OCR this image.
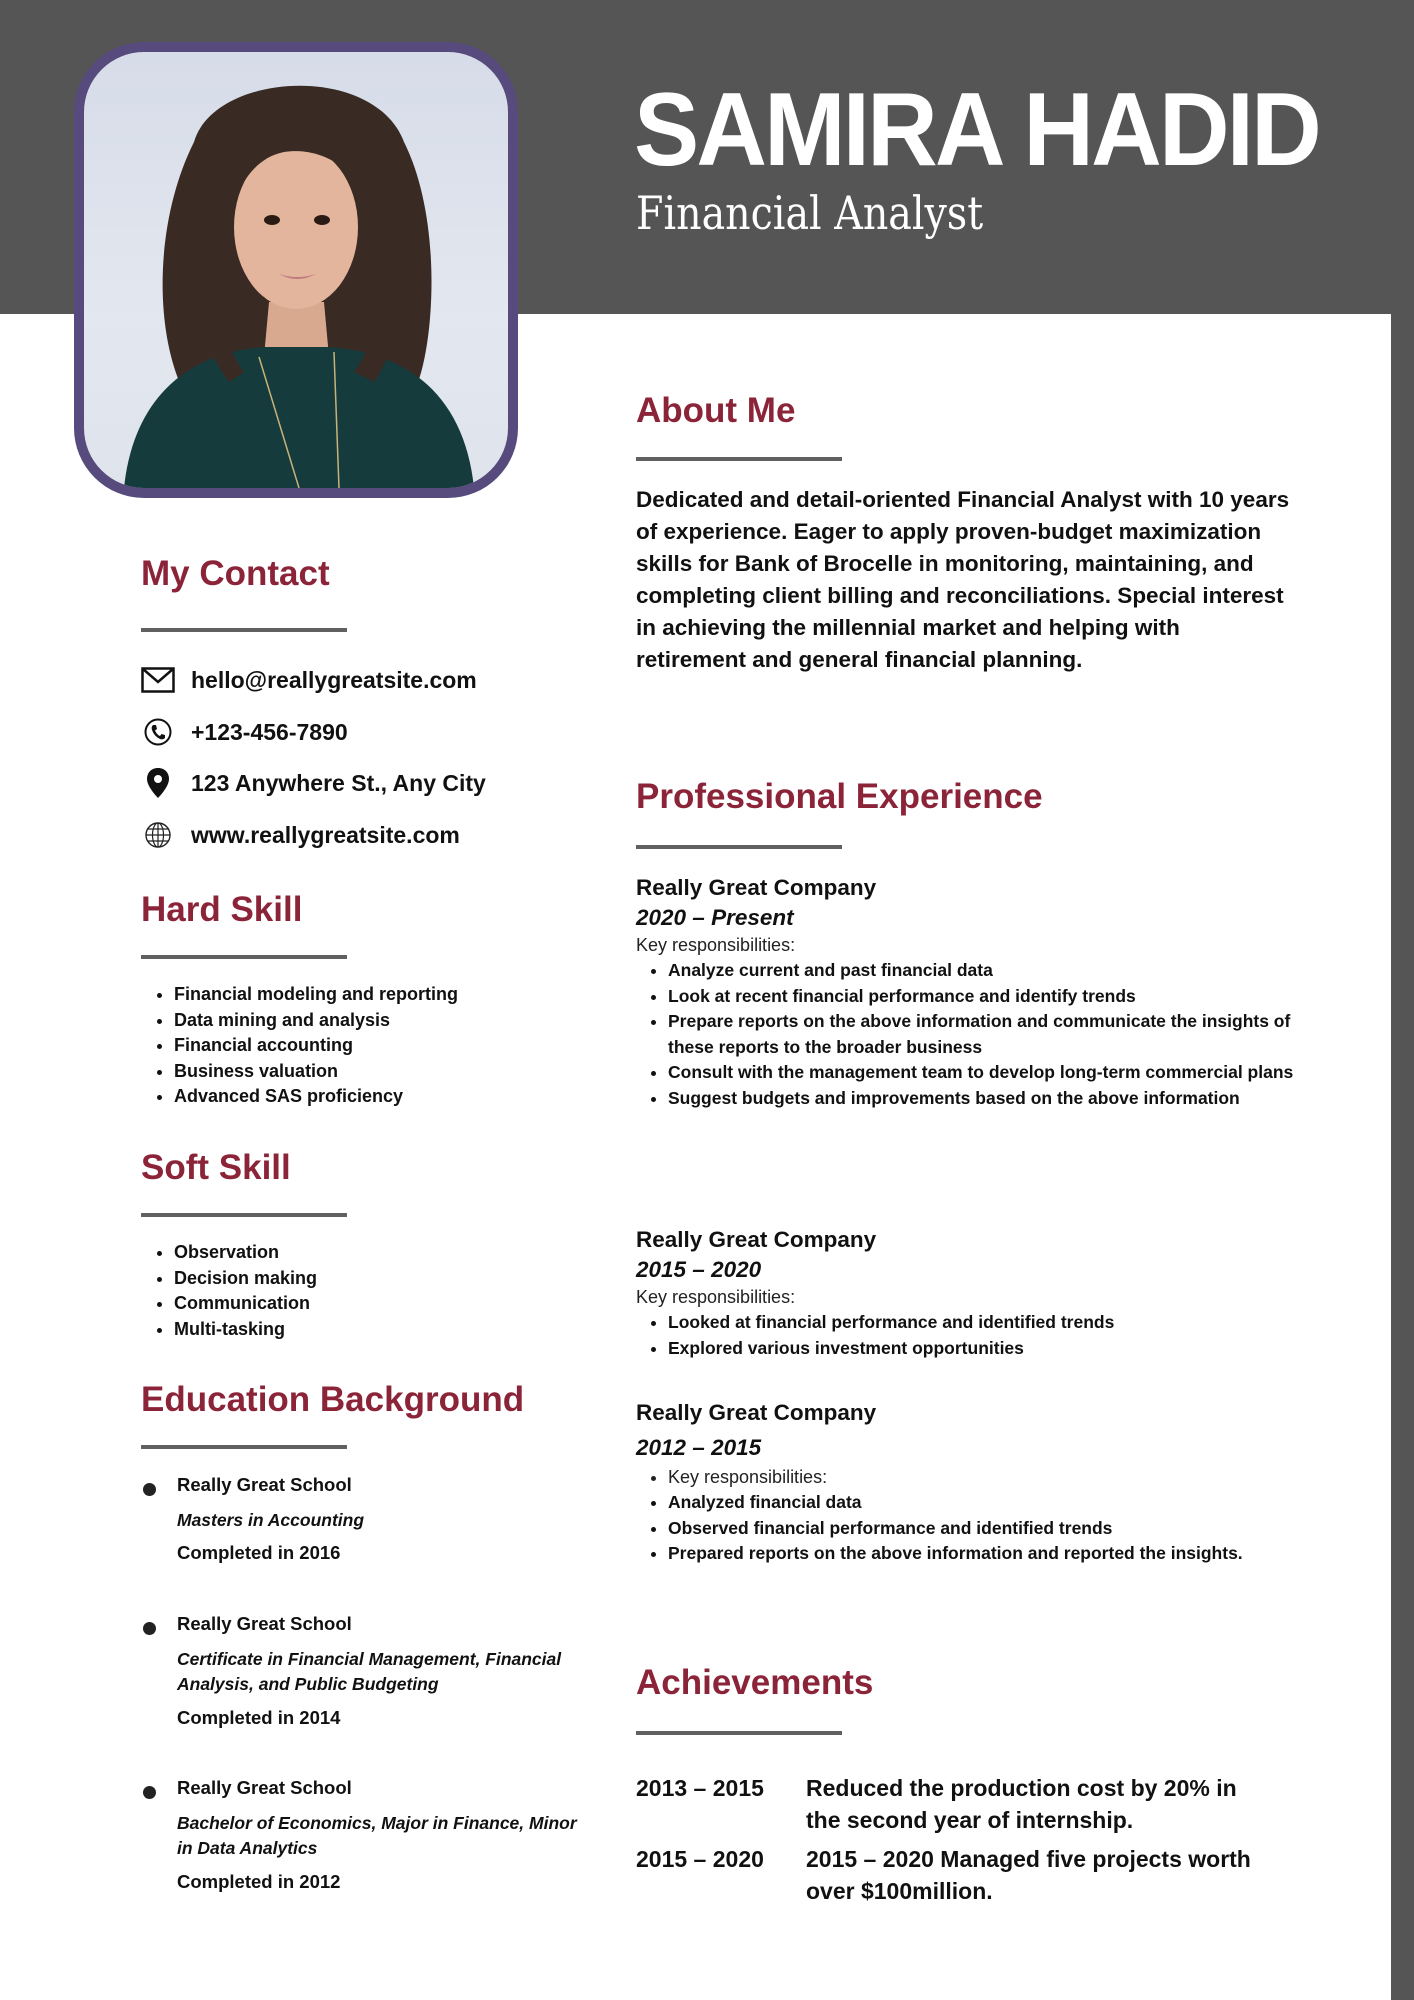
SAMIRA HADID
Financial Analyst
My Contact
hello@reallygreatsite.com
+123-456-7890
123 Anywhere St., Any City
www.reallygreatsite.com
Hard Skill
• Financial modeling and reporting
• Data mining and analysis
• Financial accounting
• Business valuation
• Advanced SAS proficiency
Soft Skill
• Observation
• Decision making
• Communication
• Multi-tasking
Education Background
Really Great School
Masters in Accounting
Completed in 2016
Really Great School
Certificate in Financial Management, Financial Analysis, and Public Budgeting
Completed in 2014
Really Great School
Bachelor of Economics, Major in Finance, Minor in Data Analytics
Completed in 2012
About Me
Dedicated and detail-oriented Financial Analyst with 10 years of experience. Eager to apply proven-budget maximization skills for Bank of Brocelle in monitoring, maintaining, and completing client billing and reconciliations. Special interest in achieving the millennial market and helping with retirement and general financial planning.
Professional Experience
Really Great Company
2020 – Present
Key responsibilities:
• Analyze current and past financial data
• Look at recent financial performance and identify trends
• Prepare reports on the above information and communicate the insights of these reports to the broader business
• Consult with the management team to develop long-term commercial plans
• Suggest budgets and improvements based on the above information
Really Great Company
2015 – 2020
Key responsibilities:
• Looked at financial performance and identified trends
• Explored various investment opportunities
Really Great Company
2012 – 2015
• Key responsibilities:
• Analyzed financial data
• Observed financial performance and identified trends
• Prepared reports on the above information and reported the insights.
Achievements
2013 – 2015	Reduced the production cost by 20% in the second year of internship.
2015 – 2020	2015 – 2020 Managed five projects worth over $100million.
